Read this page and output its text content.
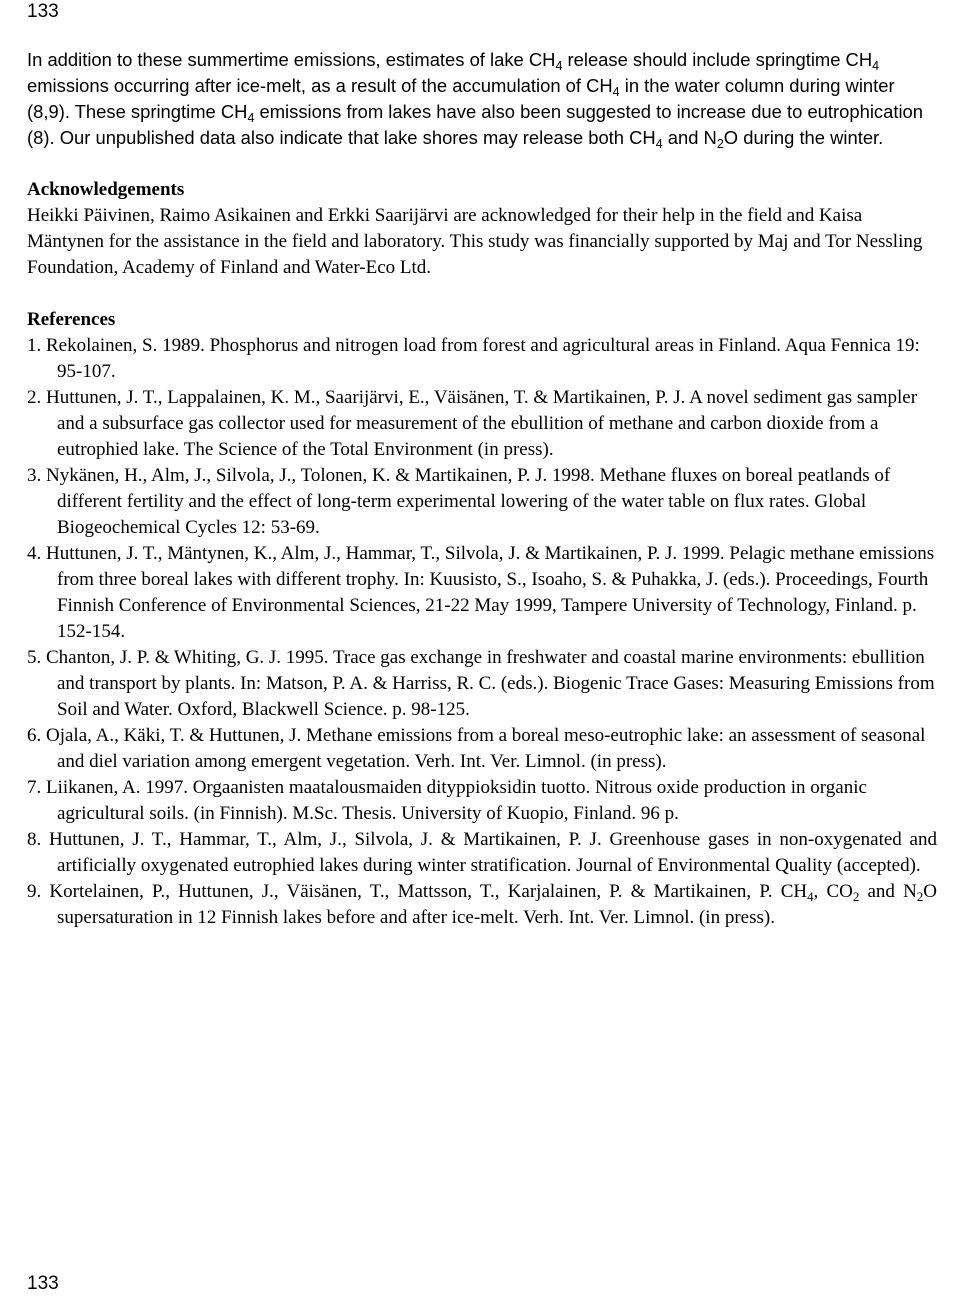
133

In addition to these summertime emissions, estimates of lake $CH_4$ release should include springtime $CH_4$ emissions occurring after ice-melt, as a result of the accumulation of $CH_4$ in the water column during winter (8,9). These springtime $CH_4$ emissions from lakes have also been suggested to increase due to eutrophication (8). Our unpublished data also indicate that lake shores may release both $CH_4$ and $N_2O$ during the winter.

Acknowledgements

Heikki Päivinen, Raimo Asikainen and Erkki Saarijärvi are acknowledged for their help in the field and Kaisa Mäntynen for the assistance in the field and laboratory. This study was financially supported by Maj and Tor Nessling Foundation, Academy of Finland and Water-Eco Ltd.

References

1. Rekolainen, S. 1989. Phosphorus and nitrogen load from forest and agricultural areas in Finland. Aqua Fennica 19: 95-107.

2. Huttunen, J. T., Lappalainen, K. M., Saarijärvi, E., Väisänen, T. & Martikainen, P. J. A novel sediment gas sampler and a subsurface gas collector used for measurement of the ebullition of methane and carbon dioxide from a eutrophied lake. The Science of the Total Environment (in press).

3. Nykänen, H., Alm, J., Silvola, J., Tolonen, K. & Martikainen, P. J. 1998. Methane fluxes on boreal peatlands of different fertility and the effect of long-term experimental lowering of the water table on flux rates. Global Biogeochemical Cycles 12: 53-69.

4. Huttunen, J. T., Mäntynen, K., Alm, J., Hammar, T., Silvola, J. & Martikainen, P. J. 1999. Pelagic methane emissions from three boreal lakes with different trophy. In: Kuusisto, S., Isoaho, S. & Puhakka, J. (eds.). Proceedings, Fourth Finnish Conference of Environmental Sciences, 21-22 May 1999, Tampere University of Technology, Finland. p. 152-154.

5. Chanton, J. P. & Whiting, G. J. 1995. Trace gas exchange in freshwater and coastal marine environments: ebullition and transport by plants. In: Matson, P. A. & Harriss, R. C. (eds.). Biogenic Trace Gases: Measuring Emissions from Soil and Water. Oxford, Blackwell Science. p. 98-125.

6. Ojala, A., Käki, T. & Huttunen, J. Methane emissions from a boreal meso-eutrophic lake: an assessment of seasonal and diel variation among emergent vegetation. Verh. Int. Ver. Limnol. (in press).

7. Liikanen, A. 1997. Orgaanisten maatalousmaiden dityppioksidin tuotto. Nitrous oxide production in organic agricultural soils. (in Finnish). M.Sc. Thesis. University of Kuopio, Finland. 96 p.

8. Huttunen, J. T., Hammar, T., Alm, J., Silvola, J. & Martikainen, P. J. Greenhouse gases in non-oxygenated and artificially oxygenated eutrophied lakes during winter stratification. Journal of Environmental Quality (accepted).

9. Kortelainen, P., Huttunen, J., Väisänen, T., Mattsson, T., Karjalainen, P. & Martikainen, P. $CH_4$, $CO_2$ and $N_2O$ supersaturation in 12 Finnish lakes before and after ice-melt. Verh. Int. Ver. Limnol. (in press).

133
